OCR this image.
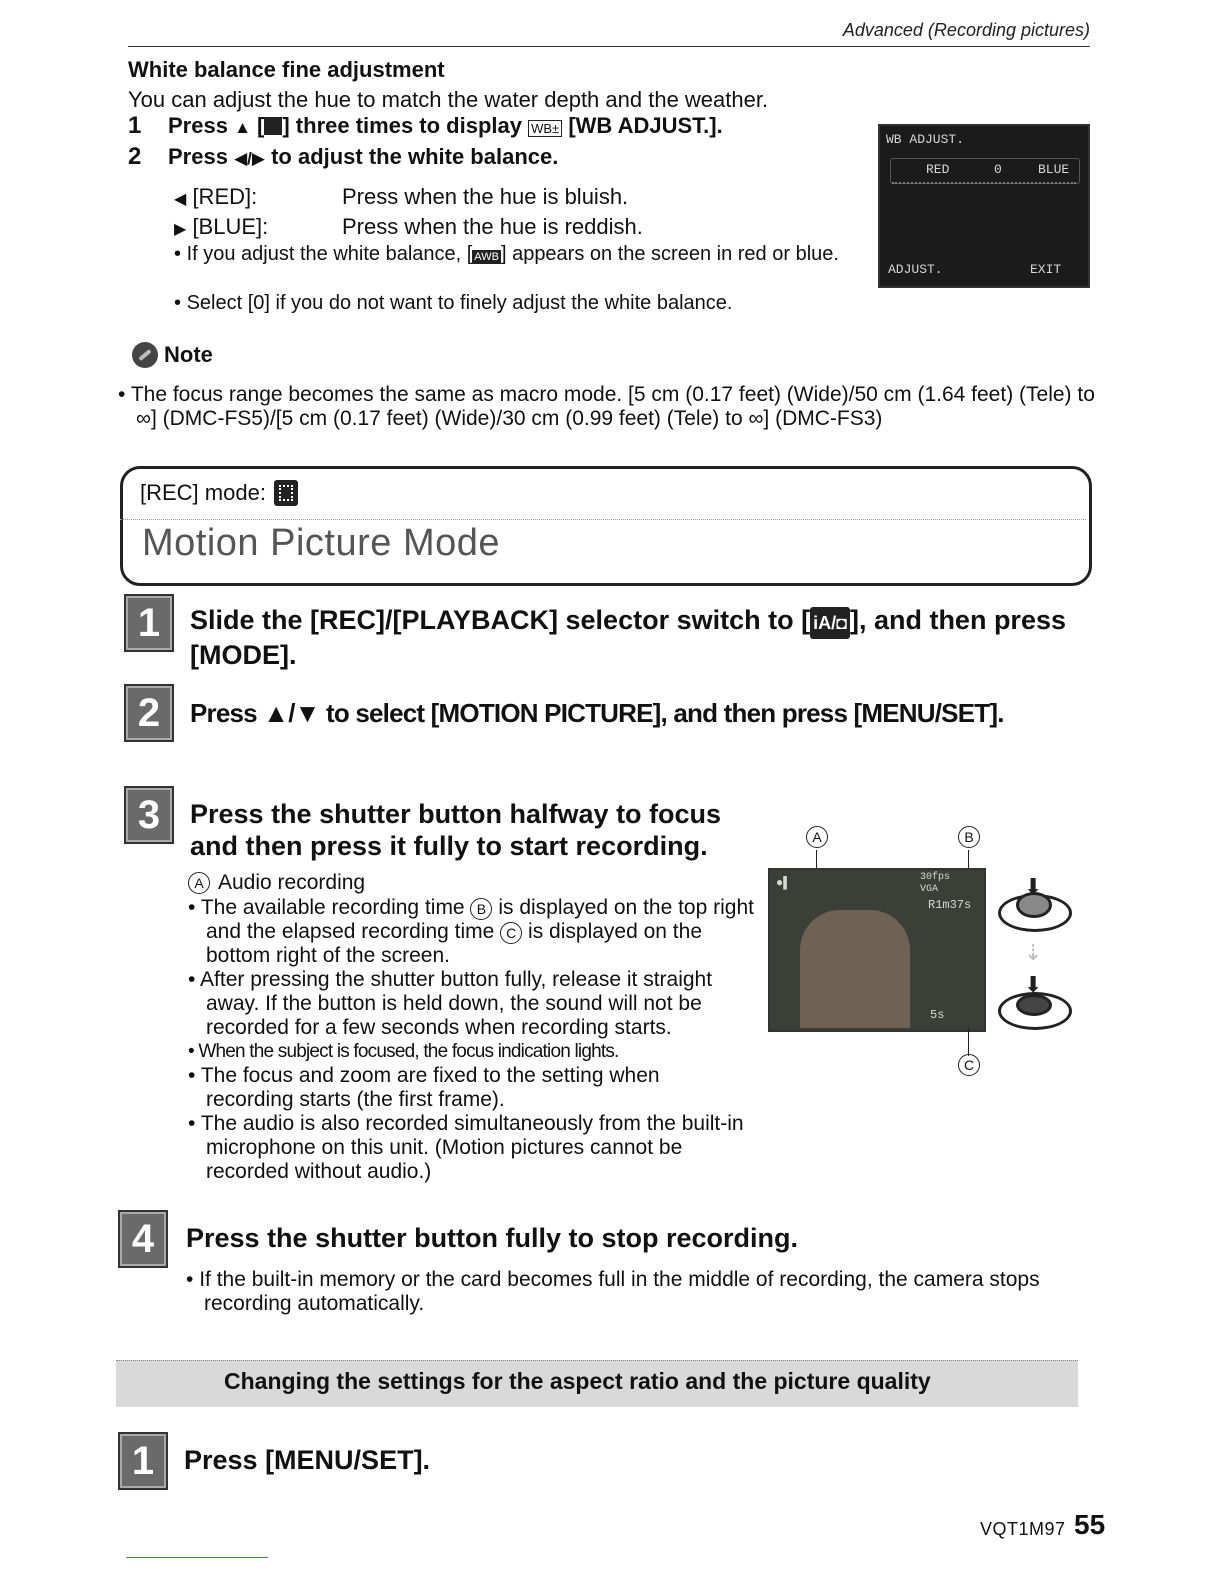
Advanced (Recording pictures)
White balance fine adjustment
You can adjust the hue to match the water depth and the weather.
1	Press ▲ [ ] three times to display WB± [WB ADJUST.].
2	Press ◀/▶ to adjust the white balance.
◀ [RED]:	Press when the hue is bluish.
▶ [BLUE]:	Press when the hue is reddish.
• If you adjust the white balance, [ AWB ] appears on the screen in red or blue.
• Select [0] if you do not want to finely adjust the white balance.
WB ADJUST.
RED	0	BLUE
ADJUST.	EXIT
Note
• The focus range becomes the same as macro mode. [5 cm (0.17 feet) (Wide)/50 cm (1.64 feet) (Tele) to ∞] (DMC-FS5)/[5 cm (0.17 feet) (Wide)/30 cm (0.99 feet) (Tele) to ∞] (DMC-FS3)
[REC] mode:
Motion Picture Mode
1	Slide the [REC]/[PLAYBACK] selector switch to [ iA/◘ ], and then press [MODE].
2	Press ▲/▼ to select [MOTION PICTURE], and then press [MENU/SET].
3	Press the shutter button halfway to focus and then press it fully to start recording.
A Audio recording
• The available recording time B is displayed on the top right and the elapsed recording time C is displayed on the bottom right of the screen.
• After pressing the shutter button fully, release it straight away. If the button is held down, the sound will not be recorded for a few seconds when recording starts.
• When the subject is focused, the focus indication lights.
• The focus and zoom are fixed to the setting when recording starts (the first frame).
• The audio is also recorded simultaneously from the built-in microphone on this unit. (Motion pictures cannot be recorded without audio.)
A	B
●▌	30fps
VGA
R1m37s
5s
C
⬇
⇣
⬇
4	Press the shutter button fully to stop recording.
• If the built-in memory or the card becomes full in the middle of recording, the camera stops recording automatically.
Changing the settings for the aspect ratio and the picture quality
1	Press [MENU/SET].
VQT1M97 55
